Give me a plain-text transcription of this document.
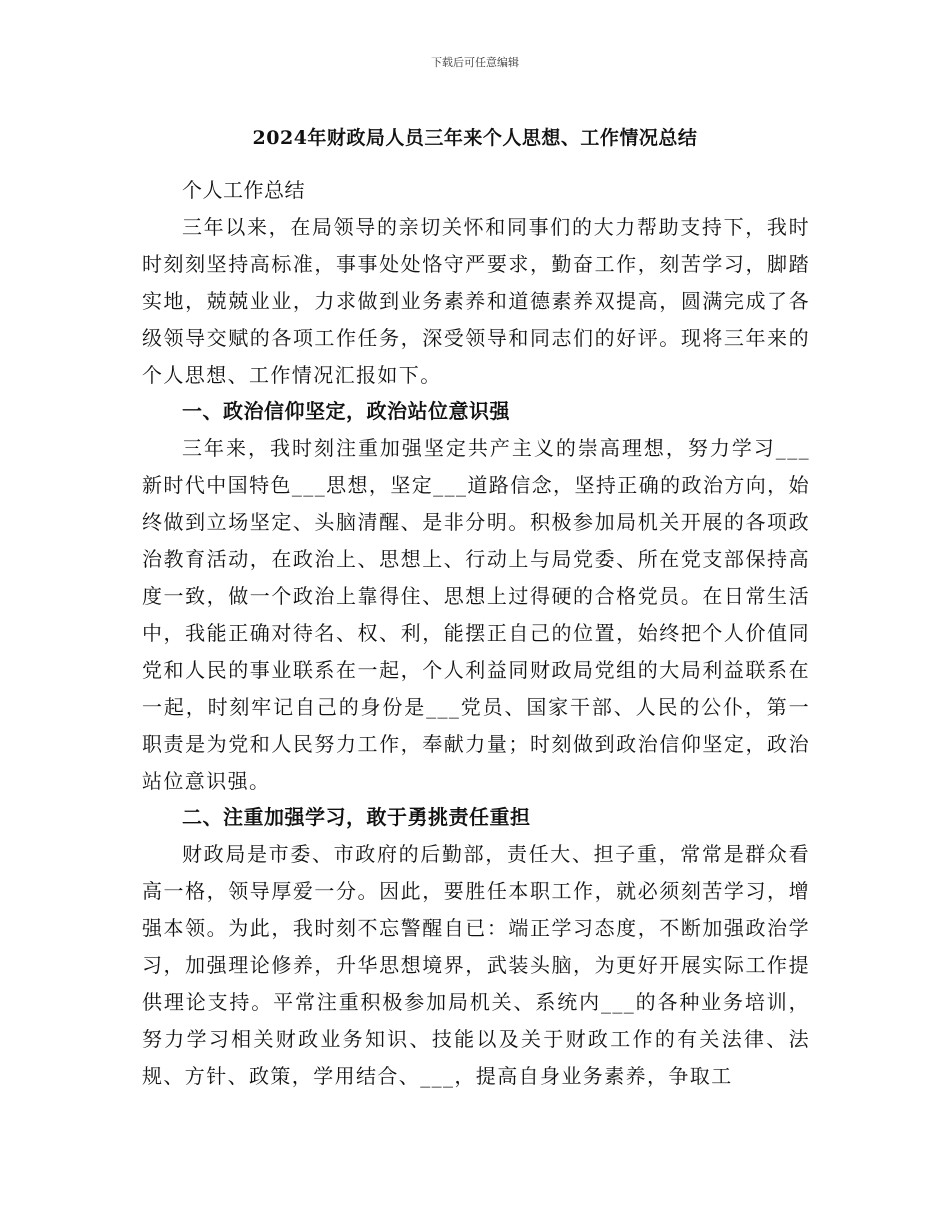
下载后可任意编辑
2024年财政局人员三年来个人思想、工作情况总结

个人工作总结

三年以来，在局领导的亲切关怀和同事们的大力帮助支持下，我时时刻刻坚持高标准，事事处处恪守严要求，勤奋工作，刻苦学习，脚踏实地，兢兢业业，力求做到业务素养和道德素养双提高，圆满完成了各级领导交赋的各项工作任务，深受领导和同志们的好评。现将三年来的个人思想、工作情况汇报如下。

一、政治信仰坚定，政治站位意识强

三年来，我时刻注重加强坚定共产主义的崇高理想，努力学习___新时代中国特色___思想，坚定___道路信念，坚持正确的政治方向，始终做到立场坚定、头脑清醒、是非分明。积极参加局机关开展的各项政治教育活动，在政治上、思想上、行动上与局党委、所在党支部保持高度一致，做一个政治上靠得住、思想上过得硬的合格党员。在日常生活中，我能正确对待名、权、利，能摆正自己的位置，始终把个人价值同党和人民的事业联系在一起，个人利益同财政局党组的大局利益联系在一起，时刻牢记自己的身份是___党员、国家干部、人民的公仆，第一职责是为党和人民努力工作，奉献力量；时刻做到政治信仰坚定，政治站位意识强。

二、注重加强学习，敢于勇挑责任重担

财政局是市委、市政府的后勤部，责任大、担子重，常常是群众看高一格，领导厚爱一分。因此，要胜任本职工作，就必须刻苦学习，增强本领。为此，我时刻不忘警醒自已：端正学习态度，不断加强政治学习，加强理论修养，升华思想境界，武装头脑，为更好开展实际工作提供理论支持。平常注重积极参加局机关、系统内___的各种业务培训，努力学习相关财政业务知识、技能以及关于财政工作的有关法律、法规、方针、政策，学用结合、___，提高自身业务素养，争取工
